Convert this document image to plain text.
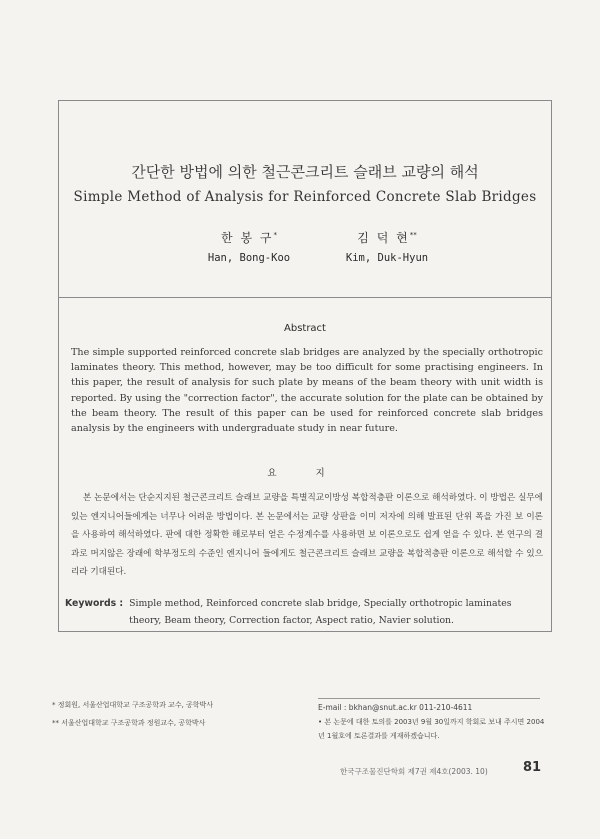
간단한 방법에 의한 철근콘크리트 슬래브 교량의 해석
Simple Method of Analysis for Reinforced Concrete Slab Bridges
한 봉 구*
Han, Bong-Koo
김 덕 현**
Kim, Duk-Hyun
Abstract
The simple supported reinforced concrete slab bridges are analyzed by the specially orthotropic laminates theory. This method, however, may be too difficult for some practising engineers. In this paper, the result of analysis for such plate by means of the beam theory with unit width is reported. By using the "correction factor", the accurate solution for the plate can be obtained by the beam theory. The result of this paper can be used for reinforced concrete slab bridges analysis by the engineers with undergraduate study in near future.
요 지
본 논문에서는 단순지지된 철근콘크리트 슬래브 교량을 특별직교이방성 복합적층판 이론으로 해석하였다. 이 방법은 실무에 있는 엔지니어들에게는 너무나 어려운 방법이다. 본 논문에서는 교량 상판을 이미 저자에 의해 발표된 단위 폭을 가진 보 이론을 사용하여 해석하였다. 판에 대한 정확한 해로부터 얻은 수정계수를 사용하면 보 이론으로도 쉽게 얻을 수 있다. 본 연구의 결과로 머지않은 장래에 학부정도의 수준인 엔지니어 들에게도 철근콘크리트 슬래브 교량을 복합적층판 이론으로 해석할 수 있으리라 기대된다.
Keywords : Simple method, Reinforced concrete slab bridge, Specially orthotropic laminates theory, Beam theory, Correction factor, Aspect ratio, Navier solution.
* 정회원, 서울산업대학교 구조공학과 교수, 공학박사
** 서울산업대학교 구조공학과 정원교수, 공학박사
E-mail : bkhan@snut.ac.kr 011-210-4611
• 본 논문에 대한 토의를 2003년 9월 30일까지 학회로 보내 주시면 2004년 1월호에 토론결과를 게재하겠습니다.
한국구조물진단학회 제7권 제4호(2003. 10)	81
